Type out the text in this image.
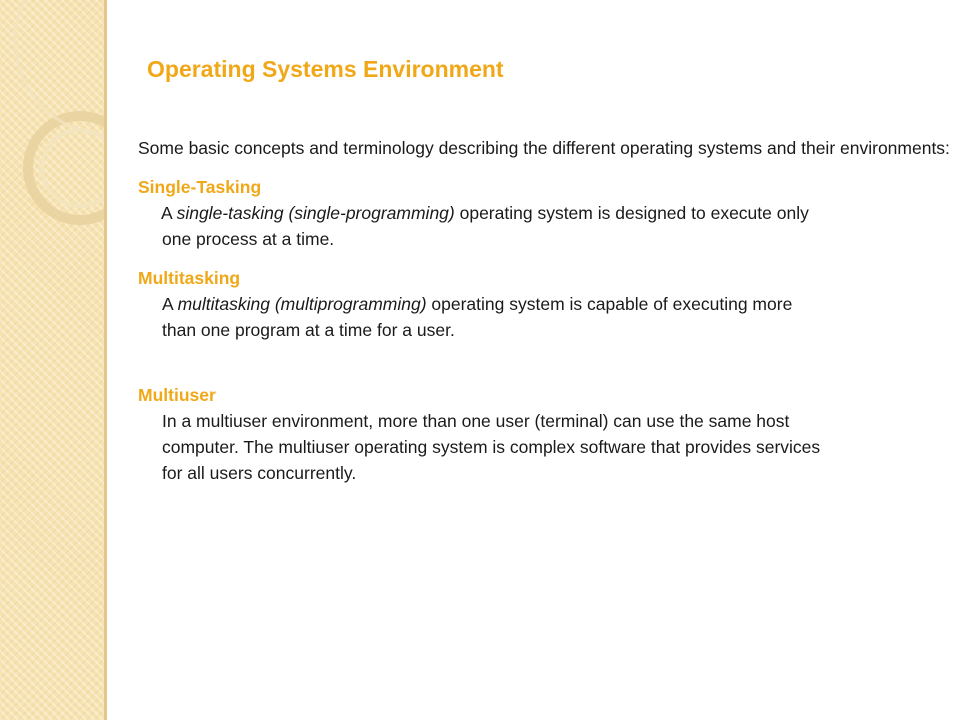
Operating Systems Environment

Some basic concepts and terminology describing the different operating systems and their environments:

Single-Tasking

A single-tasking (single-programming) operating system is designed to execute only

one process at a time.

Multitasking

A multitasking (multiprogramming) operating system is capable of executing more

than one program at a time for a user.

Multiuser

In a multiuser environment, more than one user (terminal) can use the same host

computer. The multiuser operating system is complex software that provides services

for all users concurrently.
